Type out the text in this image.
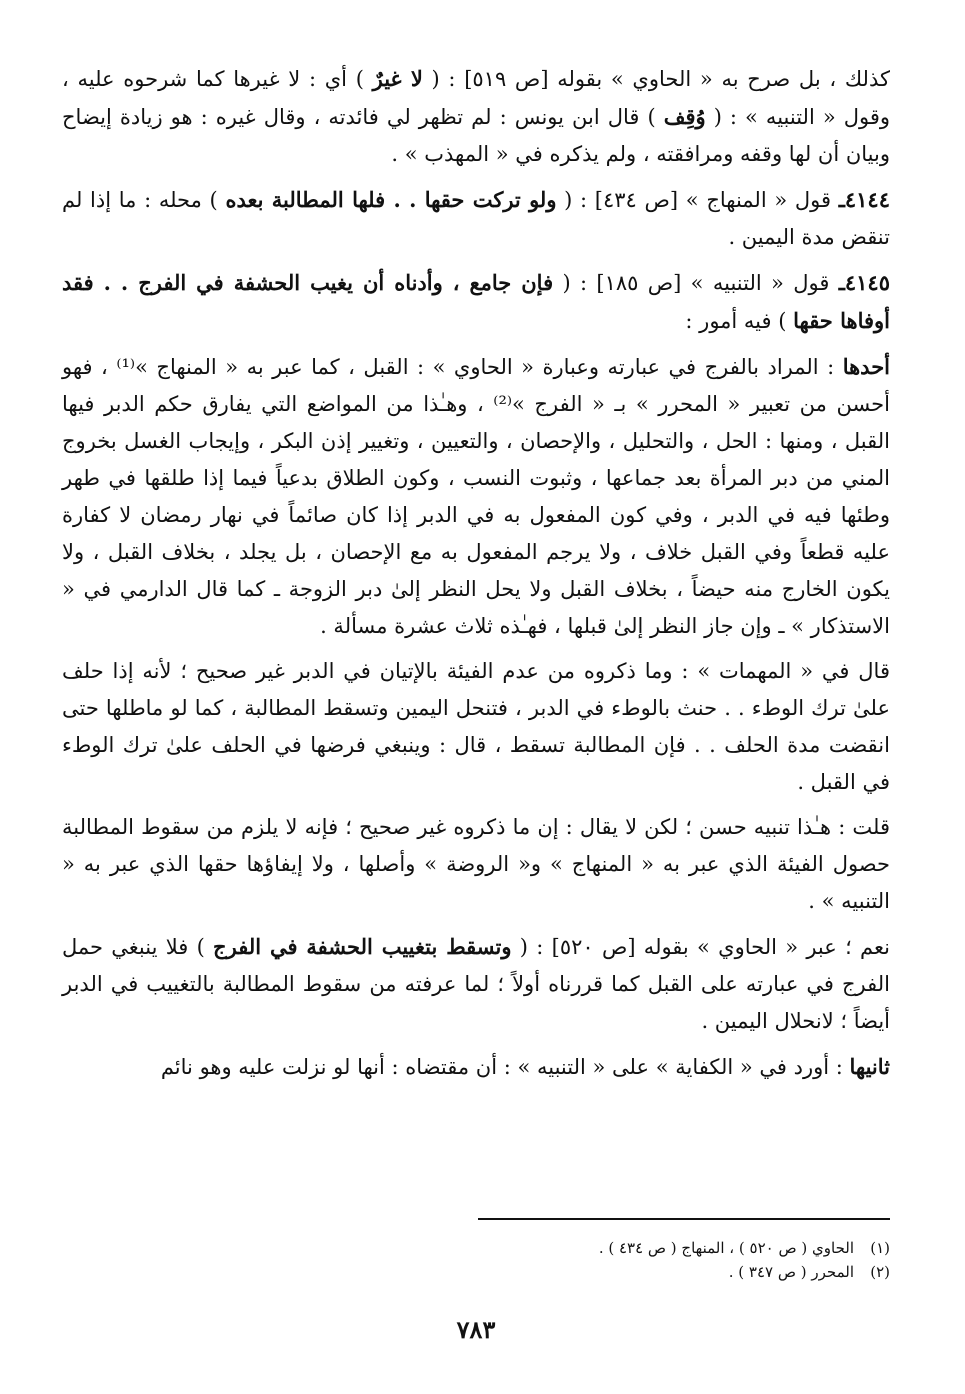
كذلك ، بل صرح به « الحاوي » بقوله [ص ٥١٩] : ( لا غيرٌ ) أي : لا غيرها كما شرحوه عليه ، وقول « التنبيه » : ( وُقِف ) قال ابن يونس : لم تظهر لي فائدته ، وقال غيره : هو زيادة إيضاح وبيان أن لها وقفه ومرافقته ، ولم يذكره في « المهذب » .

٤١٤٤ـ قول « المنهاج » [ص ٤٣٤] : ( ولو تركت حقها . . فلها المطالبة بعده ) محله : ما إذا لم تنقض مدة اليمين .

٤١٤٥ـ قول « التنبيه » [ص ١٨٥] : ( فإن جامع ، وأدناه أن يغيب الحشفة في الفرج . . فقد أوفاها حقها ) فيه أمور :

أحدها : المراد بالفرج في عبارته وعبارة « الحاوي » : القبل ، كما عبر به « المنهاج »⁽¹⁾ ، فهو أحسن من تعبير « المحرر » بـ « الفرج »⁽²⁾ ، وهـٰذا من المواضع التي يفارق حكم الدبر فيها القبل ، ومنها : الحل ، والتحليل ، والإحصان ، والتعيين ، وتغيير إذن البكر ، وإيجاب الغسل بخروج المني من دبر المرأة بعد جماعها ، وثبوت النسب ، وكون الطلاق بدعياً فيما إذا طلقها في طهر وطئها فيه في الدبر ، وفي كون المفعول به في الدبر إذا كان صائماً في نهار رمضان لا كفارة عليه قطعاً وفي القبل خلاف ، ولا يرجم المفعول به مع الإحصان ، بل يجلد ، بخلاف القبل ، ولا يكون الخارج منه حيضاً ، بخلاف القبل ولا يحل النظر إلىٰ دبر الزوجة ـ كما قال الدارمي في « الاستذكار » ـ وإن جاز النظر إلىٰ قبلها ، فهـٰذه ثلاث عشرة مسألة .

قال في « المهمات » : وما ذكروه من عدم الفيئة بالإتيان في الدبر غير صحيح ؛ لأنه إذا حلف علىٰ ترك الوطء . . حنث بالوطء في الدبر ، فتنحل اليمين وتسقط المطالبة ، كما لو ماطلها حتى انقضت مدة الحلف . . فإن المطالبة تسقط ، قال : وينبغي فرضها في الحلف علىٰ ترك الوطء في القبل .

قلت : هـٰذا تنبيه حسن ؛ لكن لا يقال : إن ما ذكروه غير صحيح ؛ فإنه لا يلزم من سقوط المطالبة حصول الفيئة الذي عبر به « المنهاج » و« الروضة » وأصلها ، ولا إيفاؤها حقها الذي عبر به « التنبيه » .

نعم ؛ عبر « الحاوي » بقوله [ص ٥٢٠] : ( وتسقط بتغييب الحشفة في الفرج ) فلا ينبغي حمل الفرج في عبارته على القبل كما قررناه أولاً ؛ لما عرفته من سقوط المطالبة بالتغييب في الدبر أيضاً ؛ لانحلال اليمين .

ثانيها : أورد في « الكفاية » على « التنبيه » : أن مقتضاه : أنها لو نزلت عليه وهو نائم

(١)الحاوي ( ص ٥٢٠ ) ، المنهاج ( ص ٤٣٤ ) .
(٢)المحرر ( ص ٣٤٧ ) .
٧٨٣
